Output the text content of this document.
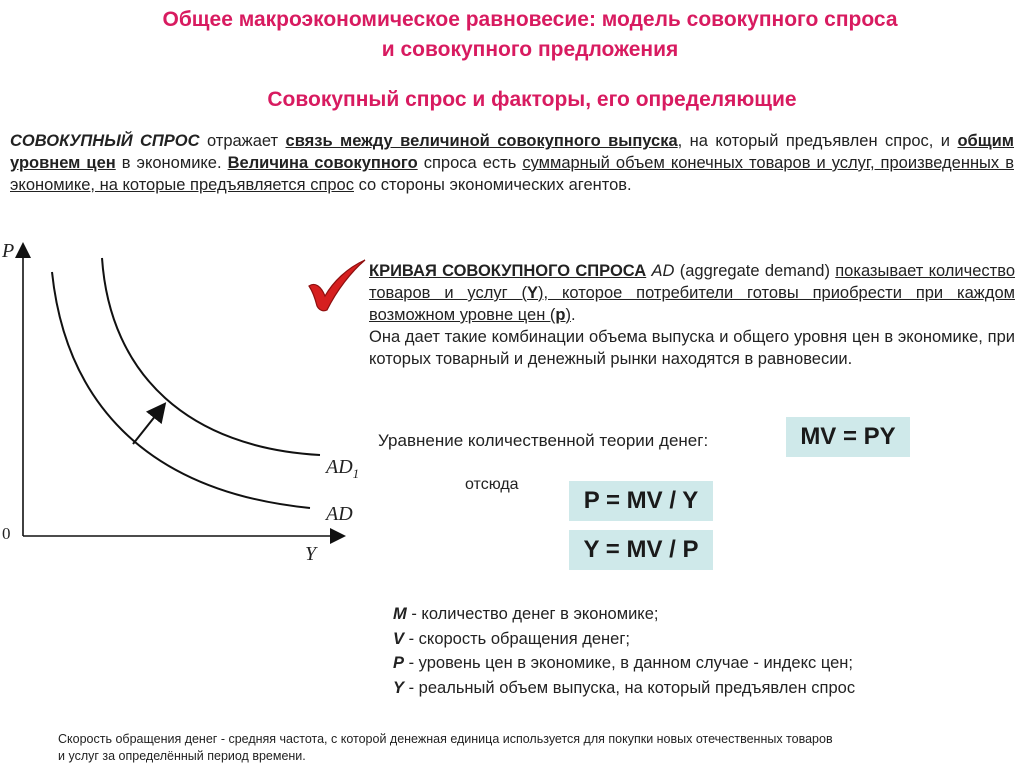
Общее макроэкономическое равновесие: модель совокупного спроса
и совокупного предложения
Совокупный спрос и факторы, его определяющие
СОВОКУПНЫЙ СПРОС отражает связь между величиной совокупного выпуска, на который предъявлен спрос, и общим уровнем цен в экономике. Величина совокупного спроса есть суммарный объем конечных товаров и услуг, произведенных в экономике, на которые предъявляется спрос со стороны экономических агентов.
P
0
Y
$AD_1$
AD
КРИВАЯ СОВОКУПНОГО СПРОСА AD (aggregate demand) показывает количество товаров и услуг (Y), которое потребители готовы приобрести при каждом возможном уровне цен (p).
Она дает такие комбинации объема выпуска и общего уровня цен в экономике, при которых товарный и денежный рынки находятся в равновесии.
Уравнение количественной теории денег:	MV = PY
отсюда
P = MV / Y
Y = MV / P
M - количество денег в экономике;
V - скорость обращения денег;
P - уровень цен в экономике, в данном случае - индекс цен;
Y - реальный объем выпуска, на который предъявлен спрос
Скорость обращения денег - средняя частота, с которой денежная единица используется для покупки новых отечественных товаров
и услуг за определённый период времени.
